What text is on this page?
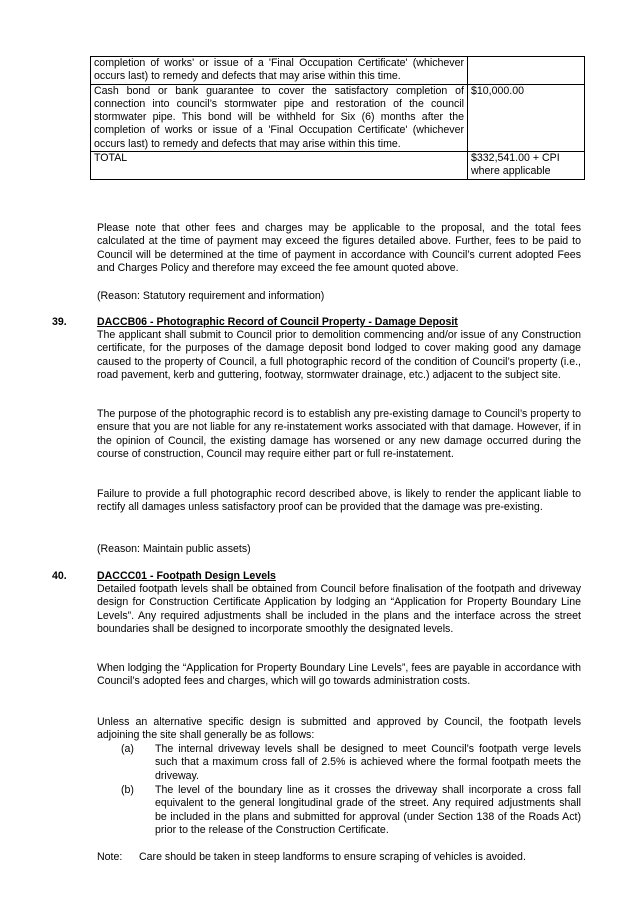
completion of works' or issue of a 'Final Occupation Certificate' (whichever occurs last) to remedy and defects that may arise within this time.	
Cash bond or bank guarantee to cover the satisfactory completion of connection into council’s stormwater pipe and restoration of the council stormwater pipe. This bond will be withheld for Six (6) months after the completion of works or issue of a 'Final Occupation Certificate' (whichever occurs last) to remedy and defects that may arise within this time.	$10,000.00
TOTAL	$332,541.00 + CPI where applicable

Please note that other fees and charges may be applicable to the proposal, and the total fees calculated at the time of payment may exceed the figures detailed above. Further, fees to be paid to Council will be determined at the time of payment in accordance with Council’s current adopted Fees and Charges Policy and therefore may exceed the fee amount quoted above.

(Reason: Statutory requirement and information)

39.	DACCB06 - Photographic Record of Council Property - Damage Deposit

The applicant shall submit to Council prior to demolition commencing and/or issue of any Construction certificate, for the purposes of the damage deposit bond lodged to cover making good any damage caused to the property of Council, a full photographic record of the condition of Council’s property (i.e., road pavement, kerb and guttering, footway, stormwater drainage, etc.) adjacent to the subject site.

The purpose of the photographic record is to establish any pre-existing damage to Council’s property to ensure that you are not liable for any re-instatement works associated with that damage. However, if in the opinion of Council, the existing damage has worsened or any new damage occurred during the course of construction, Council may require either part or full re-instatement.

Failure to provide a full photographic record described above, is likely to render the applicant liable to rectify all damages unless satisfactory proof can be provided that the damage was pre-existing.

(Reason: Maintain public assets)

40.	DACCC01 - Footpath Design Levels

Detailed footpath levels shall be obtained from Council before finalisation of the footpath and driveway design for Construction Certificate Application by lodging an “Application for Property Boundary Line Levels”. Any required adjustments shall be included in the plans and the interface across the street boundaries shall be designed to incorporate smoothly the designated levels.

When lodging the “Application for Property Boundary Line Levels”, fees are payable in accordance with Council’s adopted fees and charges, which will go towards administration costs.

Unless an alternative specific design is submitted and approved by Council, the footpath levels adjoining the site shall generally be as follows:

(a) The internal driveway levels shall be designed to meet Council’s footpath verge levels such that a maximum cross fall of 2.5% is achieved where the formal footpath meets the driveway.
(b) The level of the boundary line as it crosses the driveway shall incorporate a cross fall equivalent to the general longitudinal grade of the street. Any required adjustments shall be included in the plans and submitted for approval (under Section 138 of the Roads Act) prior to the release of the Construction Certificate.
Note: Care should be taken in steep landforms to ensure scraping of vehicles is avoided.
